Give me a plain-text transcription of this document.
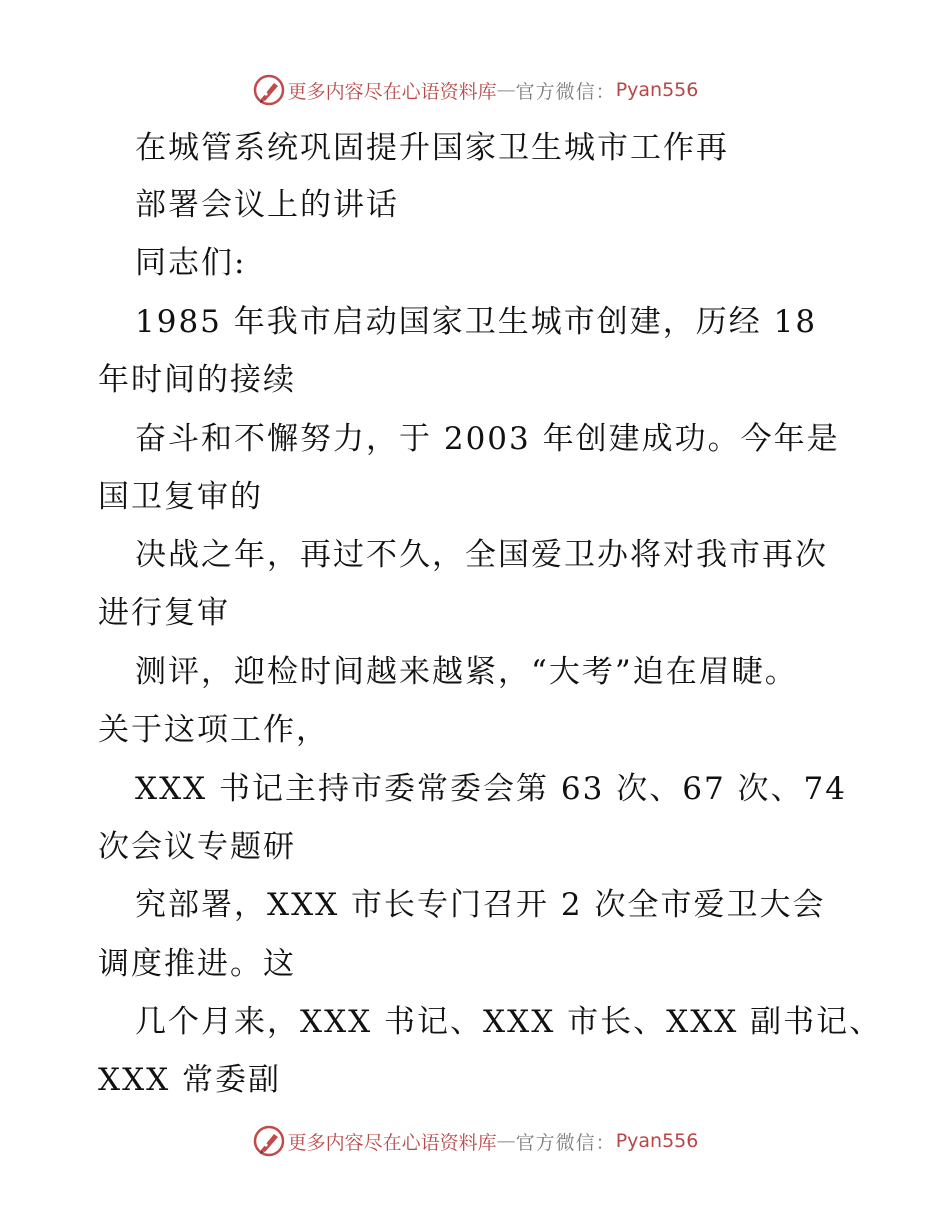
更多内容尽在心语资料库 — 官方微信： Pyan556
在城管系统巩固提升国家卫生城市工作再
部署会议上的讲话
同志们:
1985 年我市启动国家卫生城市创建，历经 18
年时间的接续
奋斗和不懈努力，于 2003 年创建成功。今年是
国卫复审的
决战之年，再过不久，全国爱卫办将对我市再次
进行复审
测评，迎检时间越来越紧，“大考”迫在眉睫。
关于这项工作，
XXX 书记主持市委常委会第 63 次、67 次、74
次会议专题研
究部署，XXX 市长专门召开 2 次全市爱卫大会
调度推进。这
几个月来，XXX 书记、XXX 市长、XXX 副书记、
XXX 常委副
更多内容尽在心语资料库 — 官方微信： Pyan556
